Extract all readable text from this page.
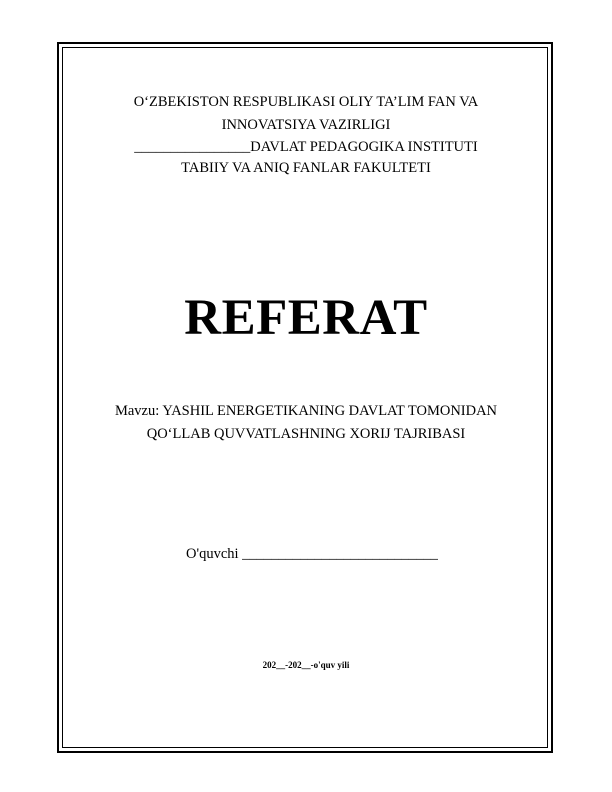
O‘ZBEKISTON RESPUBLIKASI OLIY TA’LIM FAN VA
INNOVATSIYA VAZIRLIGI
________________DAVLAT PEDAGOGIKA INSTITUTI
TABIIY VA ANIQ FANLAR FAKULTETI
REFERAT
Mavzu: YASHIL ENERGETIKANING DAVLAT TOMONIDAN
QO‘LLAB QUVVATLASHNING XORIJ TAJRIBASI
O'quvchi ___________________________
202__-202__-o'quv yili
